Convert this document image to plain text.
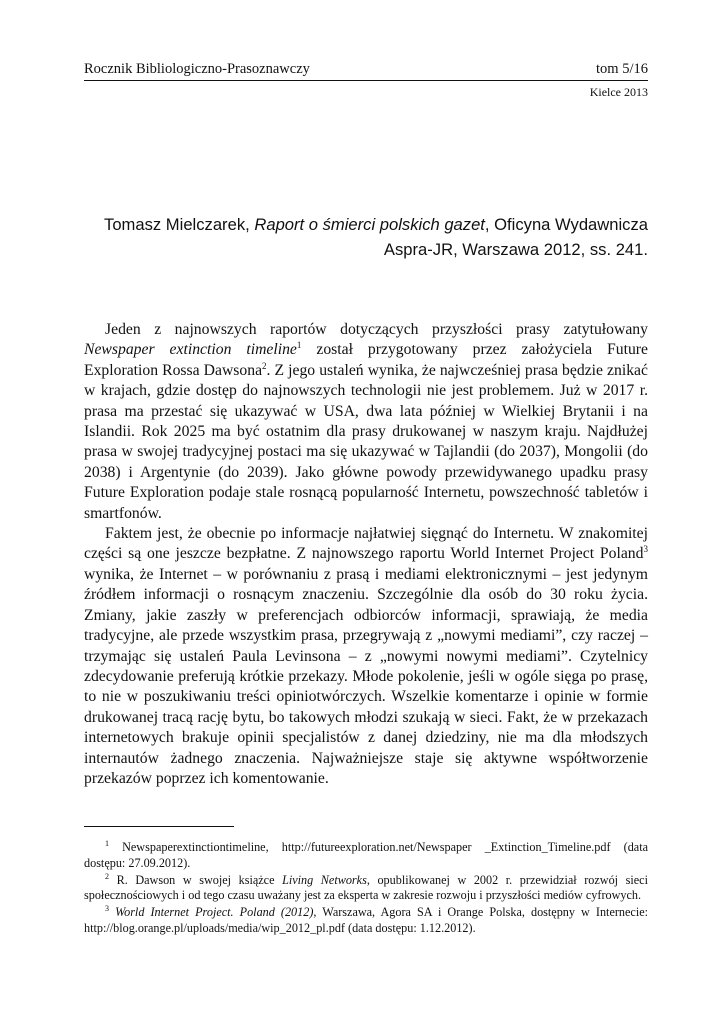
Rocznik Bibliologiczno-Prasoznawczy	tom 5/16
Kielce 2013
Tomasz Mielczarek, Raport o śmierci polskich gazet, Oficyna Wydawnicza
Aspra-JR, Warszawa 2012, ss. 241.

Jeden z najnowszych raportów dotyczących przyszłości prasy zatytułowany Newspaper extinction timeline$^1$ został przygotowany przez założyciela Future Exploration Rossa Dawsona$^2$. Z jego ustaleń wynika, że najwcześniej prasa będzie znikać w krajach, gdzie dostęp do najnowszych technologii nie jest problemem. Już w 2017 r. prasa ma przestać się ukazywać w USA, dwa lata później w Wielkiej Brytanii i na Islandii. Rok 2025 ma być ostatnim dla prasy drukowanej w naszym kraju. Najdłużej prasa w swojej tradycyjnej postaci ma się ukazywać w Tajlandii (do 2037), Mongolii (do 2038) i Argentynie (do 2039). Jako główne powody przewidywanego upadku prasy Future Exploration podaje stale rosnącą popularność Internetu, powszechność tabletów i smartfonów.

Faktem jest, że obecnie po informacje najłatwiej sięgnąć do Internetu. W znakomitej części są one jeszcze bezpłatne. Z najnowszego raportu World Internet Project Poland$^3$ wynika, że Internet – w porównaniu z prasą i mediami elektronicznymi – jest jedynym źródłem informacji o rosnącym znaczeniu. Szczególnie dla osób do 30 roku życia. Zmiany, jakie zaszły w preferencjach odbiorców informacji, sprawiają, że media tradycyjne, ale przede wszystkim prasa, przegrywają z „nowymi mediami”, czy raczej – trzymając się ustaleń Paula Levinsona – z „nowymi nowymi mediami”. Czytelnicy zdecydowanie preferują krótkie przekazy. Młode pokolenie, jeśli w ogóle sięga po prasę, to nie w poszukiwaniu treści opiniotwórczych. Wszelkie komentarze i opinie w formie drukowanej tracą rację bytu, bo takowych młodzi szukają w sieci. Fakt, że w przekazach internetowych brakuje opinii specjalistów z danej dziedziny, nie ma dla młodszych internautów żadnego znaczenia. Najważniejsze staje się aktywne współtworzenie przekazów poprzez ich komentowanie.

$^1$ Newspaperextinctiontimeline, http://futureexploration.net/Newspaper _Extinction_Timeline.pdf (data dostępu: 27.09.2012).

$^2$ R. Dawson w swojej książce Living Networks, opublikowanej w 2002 r. przewidział rozwój sieci społecznościowych i od tego czasu uważany jest za eksperta w zakresie rozwoju i przyszłości mediów cyfrowych.

$^3$ World Internet Project. Poland (2012), Warszawa, Agora SA i Orange Polska, dostępny w Internecie: http://blog.orange.pl/uploads/media/wip_2012_pl.pdf (data dostępu: 1.12.2012).
